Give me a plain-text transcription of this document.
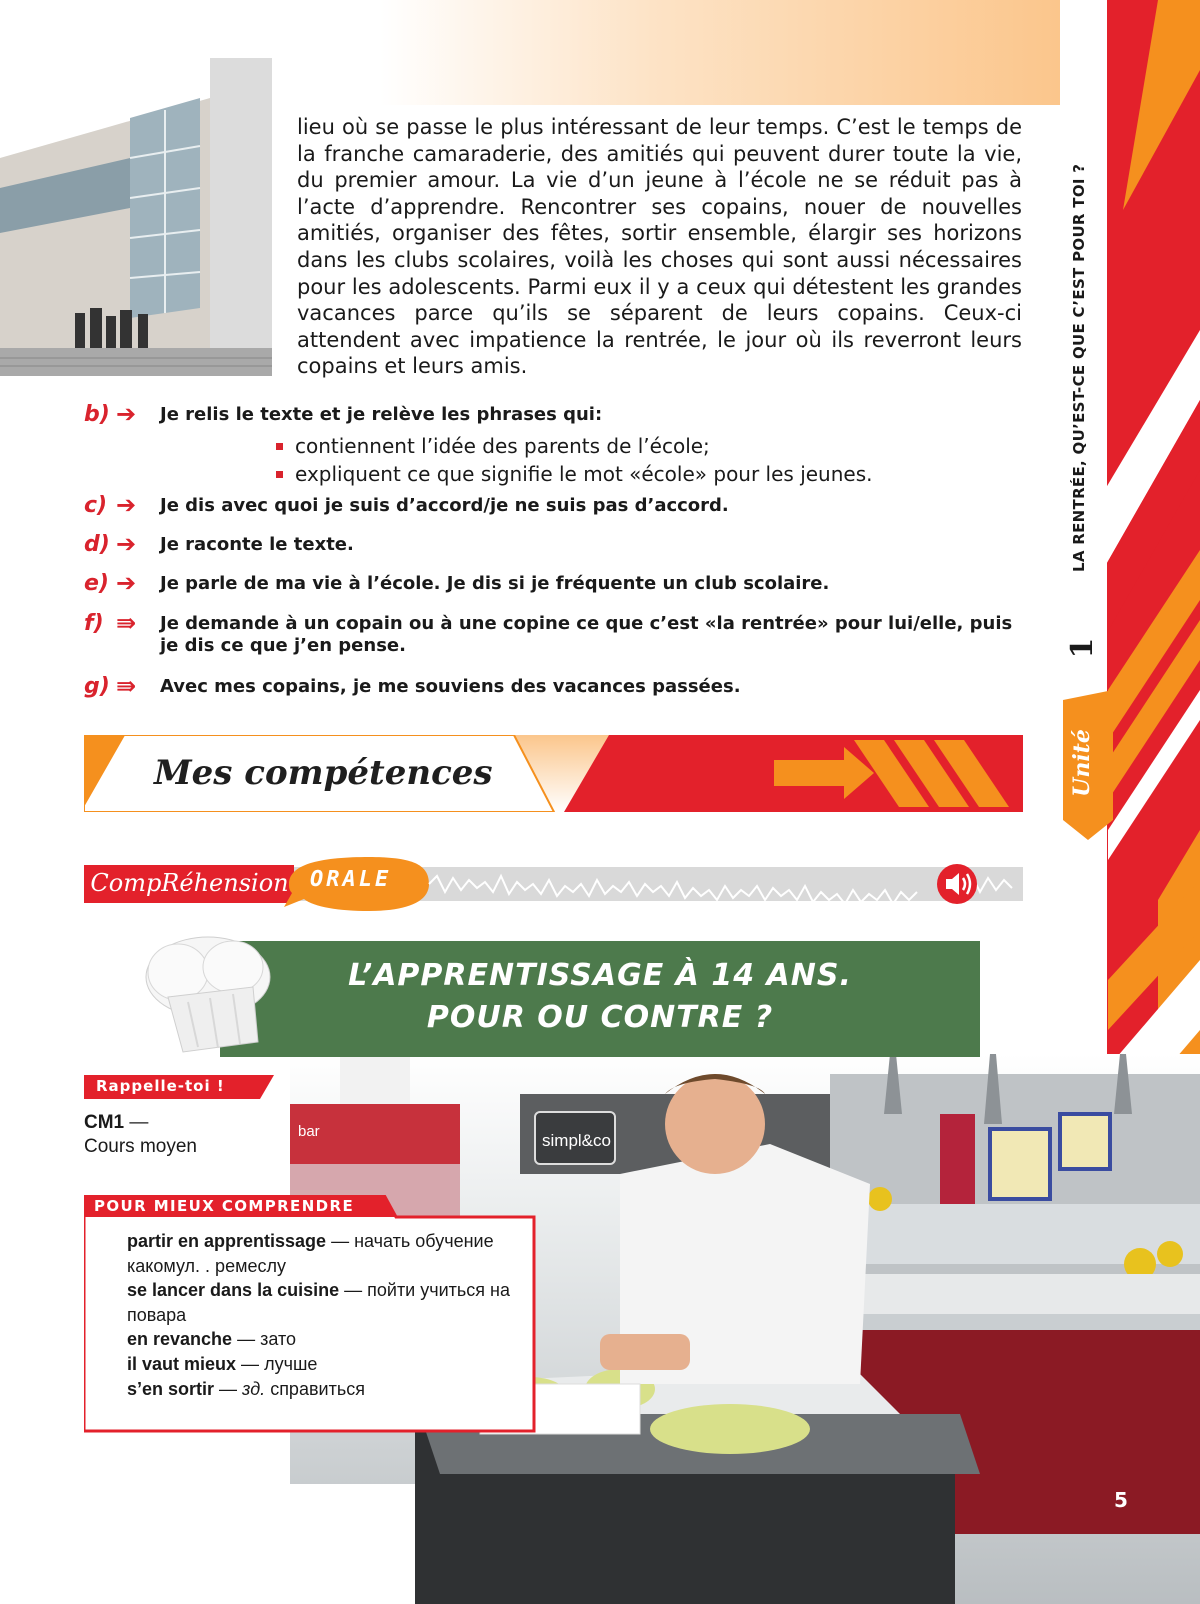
LA RENTRÉE, QU’EST-CE QUE C’EST POUR TOI ?
1
Unité

lieu où se passe le plus intéressant de leur temps. C’est le temps de la franche camaraderie, des amitiés qui peuvent durer toute la vie, du premier amour. La vie d’un jeune à l’école ne se réduit pas à l’acte d’apprendre. Rencontrer ses copains, nouer de nouvelles amitiés, organiser des fêtes, sortir ensemble, élargir ses horizons dans les clubs scolaires, voilà les choses qui sont aussi nécessaires pour les adolescents. Parmi eux il y a ceux qui détestent les grandes vacances parce qu’ils se séparent de leurs copains. Ceux-ci attendent avec impatience la rentrée, le jour où ils reverront leurs copains et leurs amis.

b) ➔ Je relis le texte et je relève les phrases qui:
contiennent l’idée des parents de l’école;
expliquent ce que signifie le mot «école» pour les jeunes.
c) ➔ Je dis avec quoi je suis d’accord/je ne suis pas d’accord.
d) ➔ Je raconte le texte.
e) ➔ Je parle de ma vie à l’école. Je dis si je fréquente un club scolaire.
f) ⇛ Je demande à un copain ou à une copine ce que c’est «la rentrée» pour lui/elle, puis je dis ce que j’en pense.
g) ⇛ Avec mes copains, je me souviens des vacances passées.
Mes compétences
CompRéhension ORALE
simpl&co
bar
L’APPRENTISSAGE À 14 ANS.
POUR OU CONTRE ?
Rappelle-toi !
CM1 —
Cours moyen
POUR MIEUX COMPRENDRE
partir en apprentissage — начать обучение какомул. . ремеслу
se lancer dans la cuisine — пойти учиться на повара
en revanche — зато
il vaut mieux — лучше
s’en sortir — зд. справиться
5
